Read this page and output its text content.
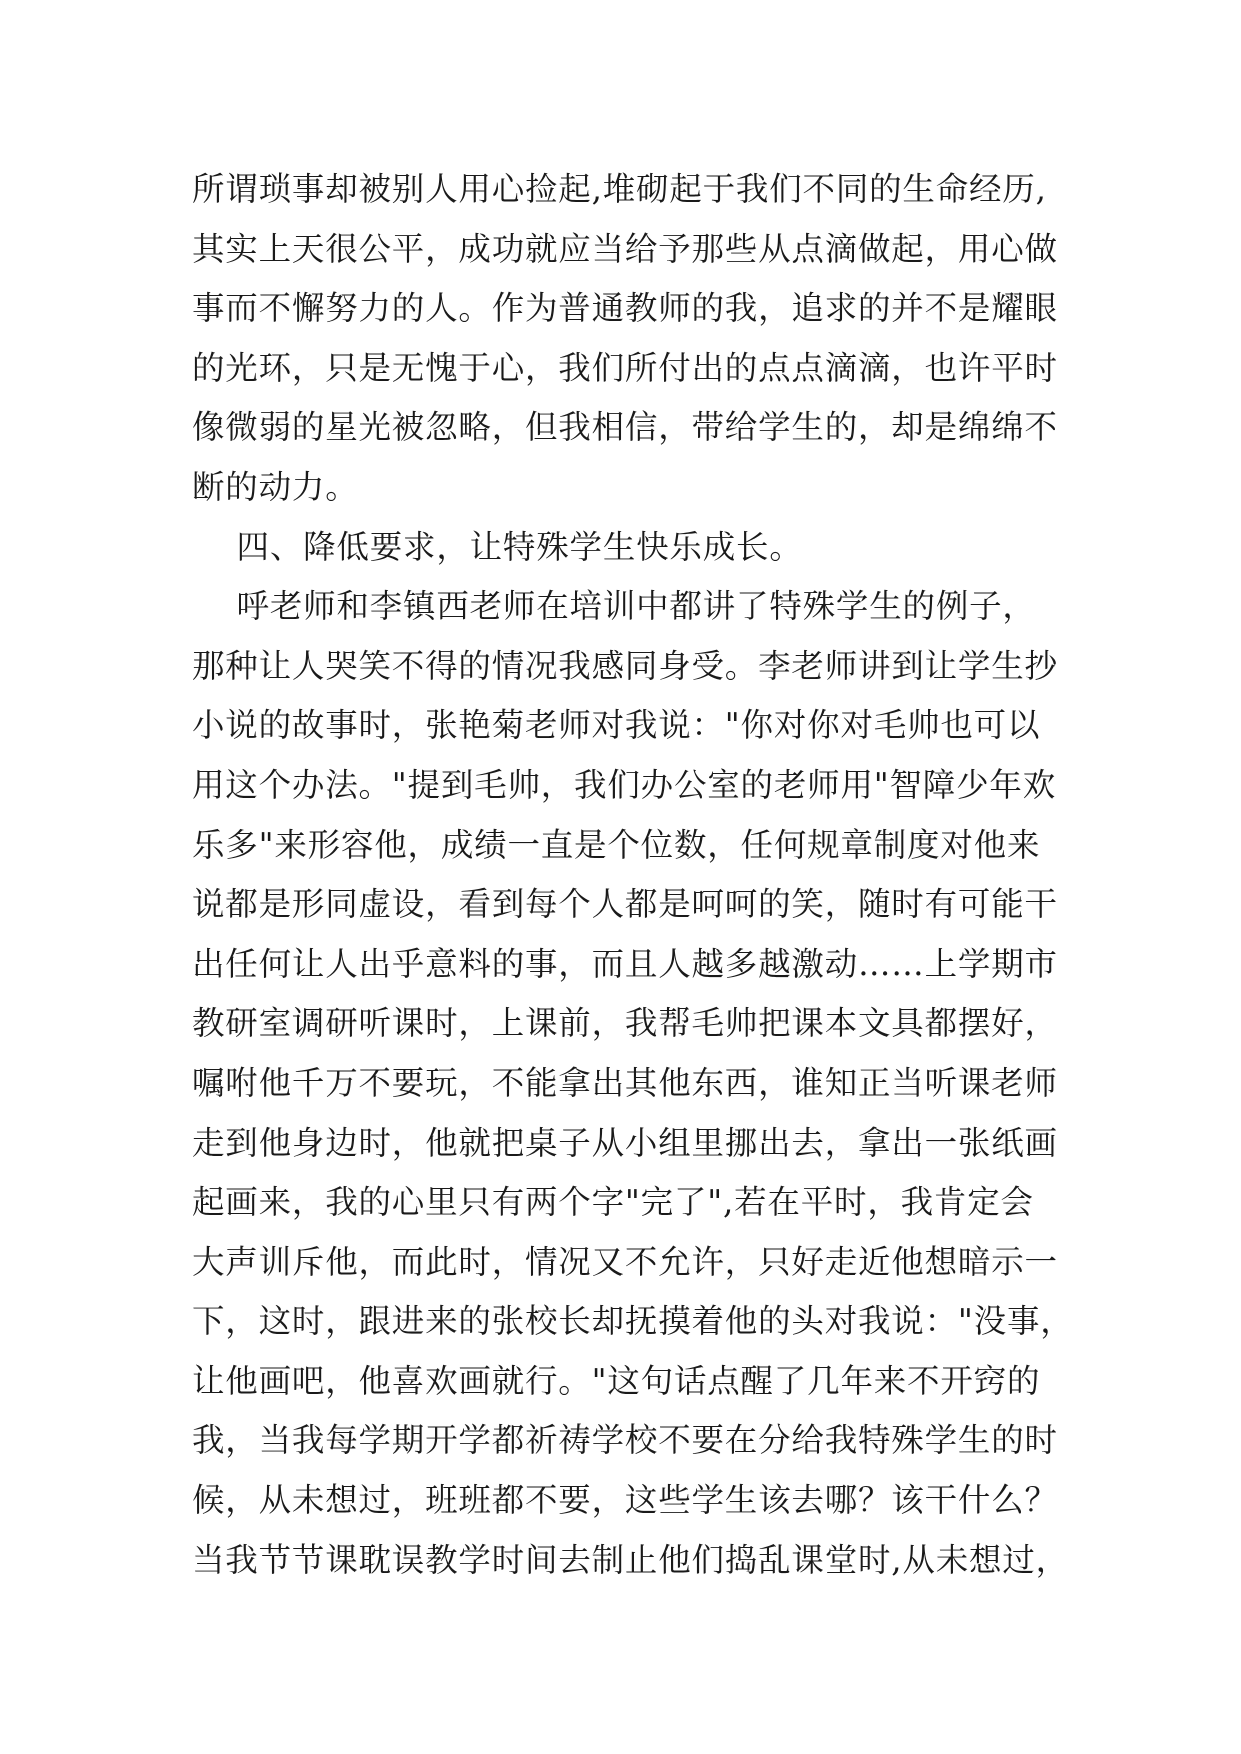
所谓琐事却被别人用心捡起,堆砌起于我们不同的生命经历,
其实上天很公平，成功就应当给予那些从点滴做起，用心做
事而不懈努力的人。作为普通教师的我，追求的并不是耀眼
的光环，只是无愧于心，我们所付出的点点滴滴，也许平时
像微弱的星光被忽略，但我相信，带给学生的，却是绵绵不
断的动力。
四、降低要求，让特殊学生快乐成长。
呼老师和李镇西老师在培训中都讲了特殊学生的例子，
那种让人哭笑不得的情况我感同身受。李老师讲到让学生抄
小说的故事时，张艳菊老师对我说："你对你对毛帅也可以
用这个办法。"提到毛帅，我们办公室的老师用"智障少年欢
乐多"来形容他，成绩一直是个位数，任何规章制度对他来
说都是形同虚设，看到每个人都是呵呵的笑，随时有可能干
出任何让人出乎意料的事，而且人越多越激动……上学期市
教研室调研听课时，上课前，我帮毛帅把课本文具都摆好，
嘱咐他千万不要玩，不能拿出其他东西，谁知正当听课老师
走到他身边时，他就把桌子从小组里挪出去，拿出一张纸画
起画来，我的心里只有两个字"完了",若在平时，我肯定会
大声训斥他，而此时，情况又不允许，只好走近他想暗示一
下，这时，跟进来的张校长却抚摸着他的头对我说："没事，
让他画吧，他喜欢画就行。"这句话点醒了几年来不开窍的
我，当我每学期开学都祈祷学校不要在分给我特殊学生的时
候，从未想过，班班都不要，这些学生该去哪？该干什么？
当我节节课耽误教学时间去制止他们捣乱课堂时,从未想过，
